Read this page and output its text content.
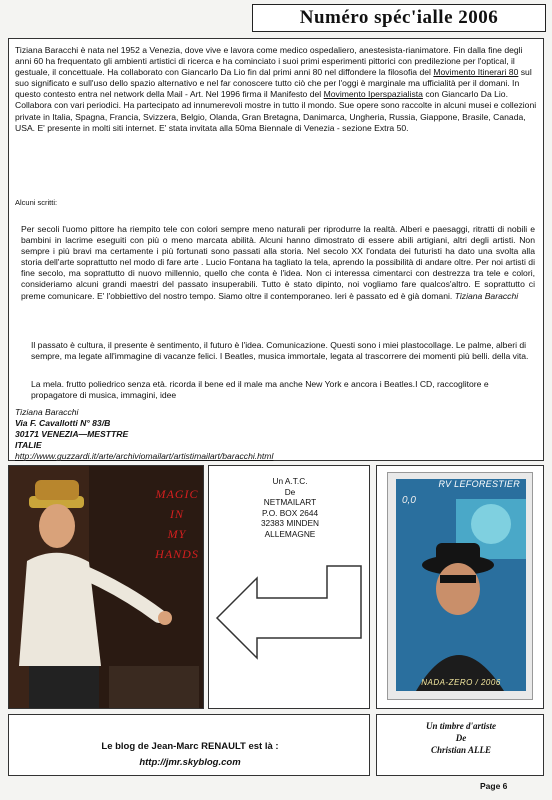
Numéro spéc'ialle 2006
Tiziana Baracchi è nata nel 1952 a Venezia, dove vive e lavora come medico ospedaliero, anestesista-rianimatore. Fin dalla fine degli anni 60 ha frequentato gli ambienti artistici di ricerca e ha cominciato i suoi primi esperimenti pittorici con predilezione per l'optical, il gestuale, il concettuale. Ha collaborato con Giancarlo Da Lio fin dal primi anni 80 nel diffondere la filosofia del Movimento Itinerari 80 sul suo significato e sull'uso dello spazio alternativo e nel far conoscere tutto ciò che per l'oggi è marginale ma ufficialità per il domani. In questo contesto entra nel network della Mail - Art. Nel 1996 firma il Manifesto del Movimento Iperspazialista con Giancarlo Da Lio. Collabora con vari periodici. Ha partecipato ad innumerevoli mostre in tutto il mondo. Sue opere sono raccolte in alcuni musei e collezioni private in Italia, Spagna, Francia, Svizzera, Belgio, Olanda, Gran Bretagna, Danimarca, Ungheria, Russia, Giappone, Brasile, Canada, USA. E' presente in molti siti internet. E' stata invitata alla 50ma Biennale di Venezia - sezione Extra 50.
Alcuni scritti:
Per secoli l'uomo pittore ha riempito tele con colori sempre meno naturali per riprodurre la realtà. Alberi e paesaggi, ritratti di nobili e bambini in lacrime eseguiti con più o meno marcata abilità. Alcuni hanno dimostrato di essere abili artigiani, altri degli artisti. Non sempre i più bravi ma certamente i più fortunati sono passati alla storia. Nel secolo XX l'ondata dei futuristi ha dato una svolta alla storia dell'arte soprattutto nel modo di fare arte . Lucio Fontana ha tagliato la tela, aprendo la possibilità di andare oltre. Per noi artisti di fine secolo, ma soprattutto di nuovo millennio, quello che conta è l'idea. Non ci interessa cimentarci con destrezza tra tele e colori, consideriamo alcuni grandi maestri del passato insuperabili. Tutto è stato dipinto, noi vogliamo fare qualcos'altro. E soprattutto ci preme comunicare. E' l'obbiettivo del nostro tempo. Siamo oltre il contemporaneo. Ieri è passato ed è già domani. Tiziana Baracchi
Il passato è cultura, il presente è sentimento, il futuro è l'idea. Comunicazione. Questi sono i miei plastocollage. Le palme, alberi di sempre, ma legate all'immagine di vacanze felici. I Beatles, musica immortale, legata al trascorrere dei momenti più belli. della vita.
La mela. frutto poliedrico senza età. ricorda il bene ed il male ma anche New York e ancora i Beatles.I CD, raccoglitore e propagatore di musica, immagini, idee
Tiziana Baracchi
Via F. Cavallotti N° 83/B
30171 VENEZIA—MESTTRE
ITALIE
http://www.guzzardi.it/arte/archiviomailart/artistimailart/baracchi.html
MAGIC
IN
MY
HANDS
Un A.T.C.
De
NETMAILART
P.O. BOX 2644
32383 MINDEN
ALLEMAGNE
RV LEFORESTIER
0,0
NADA-ZERO / 2006
Le blog de Jean-Marc RENAULT est là :
http://jmr.skyblog.com
Un timbre d'artiste
De
Christian ALLE
Page 6
